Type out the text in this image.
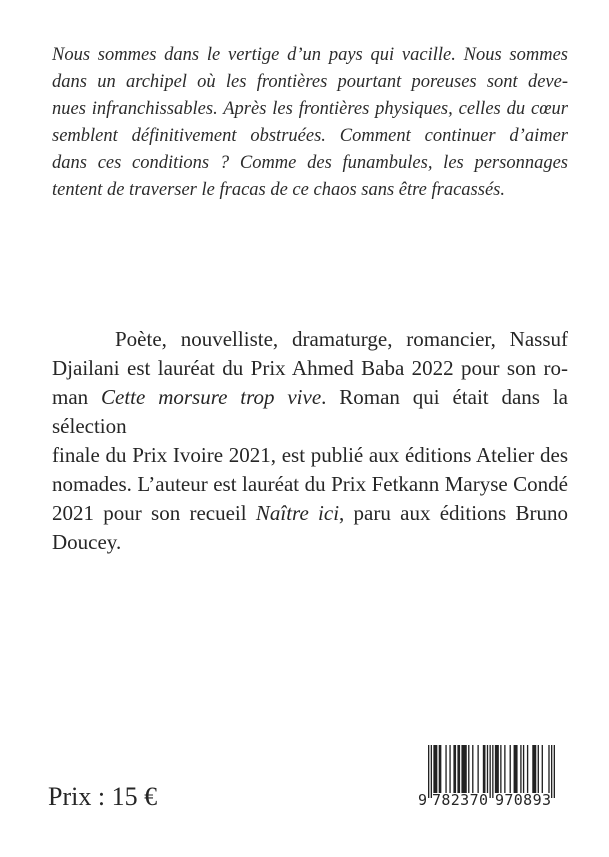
Nous sommes dans le vertige d’un pays qui vacille. Nous sommes
dans un archipel où les frontières pourtant poreuses sont deve-
nues infranchissables. Après les frontières physiques, celles du cœur
semblent définitivement obstruées. Comment continuer d’aimer
dans ces conditions ? Comme des funambules, les personnages
tentent de traverser le fracas de ce chaos sans être fracassés.
Poète, nouvelliste, dramaturge, romancier, Nassuf
Djailani est lauréat du Prix Ahmed Baba 2022 pour son ro-
man Cette morsure trop vive. Roman qui était dans la sélection
finale du Prix Ivoire 2021, est publié aux éditions Atelier des
nomades. L’auteur est lauréat du Prix Fetkann Maryse Condé
2021 pour son recueil Naître ici, paru aux éditions Bruno
Doucey.
Prix : 15 €	9 782370 970893
